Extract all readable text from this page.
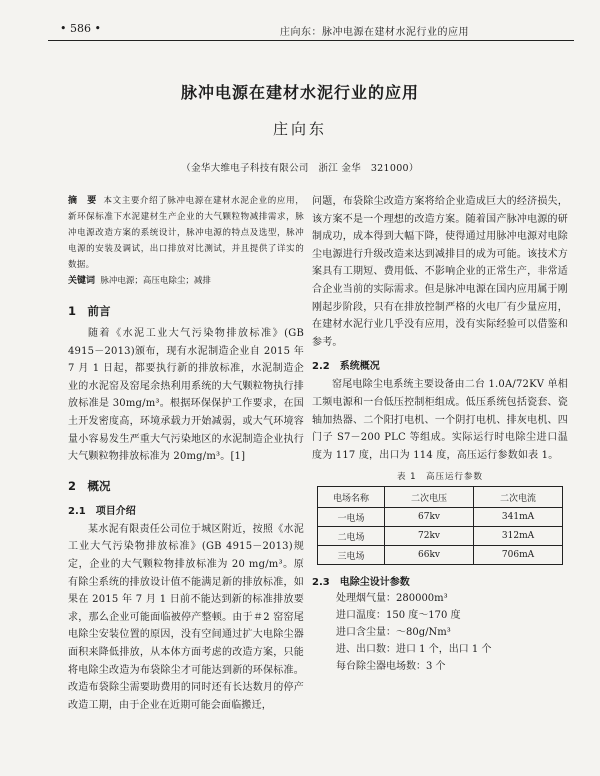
• 586 •	庄向东：脉冲电源在建材水泥行业的应用
脉冲电源在建材水泥行业的应用
庄向东
（金华大维电子科技有限公司　浙江 金华　321000）

摘　要 本文主要介绍了脉冲电源在建材水泥企业的应用，新环保标准下水泥建材生产企业的大气颗粒物减排需求，脉冲电源改造方案的系统设计，脉冲电源的特点及选型，脉冲电源的安装及调试，出口排放对比测试，并且提供了详实的数据。

关键词 脉冲电源；高压电除尘；减排

1　前言

随着《水泥工业大气污染物排放标准》(GB 4915－2013)颁布，现有水泥制造企业自 2015 年 7 月 1 日起，都要执行新的排放标准，水泥制造企业的水泥窑及窑尾余热利用系统的大气颗粒物执行排放标准是 30mg/m³。根据环保保护工作要求，在国土开发密度高，环境承载力开始减弱，或大气环境容量小容易发生严重大气污染地区的水泥制造企业执行大气颗粒物排放标准为 20mg/m³。[1]

2　概况

2.1　项目介绍

某水泥有限责任公司位于城区附近，按照《水泥工业大气污染物排放标准》(GB 4915－2013)规定，企业的大气颗粒物排放标准为 20 mg/m³。原有除尘系统的排放设计值不能满足新的排放标准，如果在 2015 年 7 月 1 日前不能达到新的标准排放要求，那么企业可能面临被停产整顿。由于＃2 窑窑尾电除尘安装位置的原因，没有空间通过扩大电除尘器面积来降低排放，从本体方面考虑的改造方案，只能将电除尘改造为布袋除尘才可能达到新的环保标准。改造布袋除尘需要助费用的同时还有长达数月的停产改造工期，由于企业在近期可能会面临搬迁，

问题，布袋除尘改造方案将给企业造成巨大的经济损失，该方案不是一个理想的改造方案。随着国产脉冲电源的研制成功，成本得到大幅下降，使得通过用脉冲电源对电除尘电源进行升级改造来达到减排目的成为可能。该技术方案具有工期短、费用低、不影响企业的正常生产，非常适合企业当前的实际需求。但是脉冲电源在国内应用属于刚刚起步阶段，只有在排放控制严格的火电厂有少量应用，在建材水泥行业几乎没有应用，没有实际经验可以借鉴和参考。

2.2　系统概况

窑尾电除尘电系统主要设备由二台 1.0A/72KV 单相工频电源和一台低压控制柜组成。低压系统包括瓷套、瓷轴加热器、二个阳打电机、一个阴打电机、排灰电机、四门子 S7－200 PLC 等组成。实际运行时电除尘进口温度为 117 度，出口为 114 度，高压运行参数如表 1。

表 1　高压运行参数

电场名称	二次电压	二次电流
一电场	67kv	341mA
二电场	72kv	312mA
三电场	66kv	706mA

2.3　电除尘设计参数

处理烟气量：280000m³
进口温度：150 度～170 度
进口含尘量：～80g/Nm³
进、出口数：进口 1 个，出口 1 个
每台除尘器电场数：3 个
